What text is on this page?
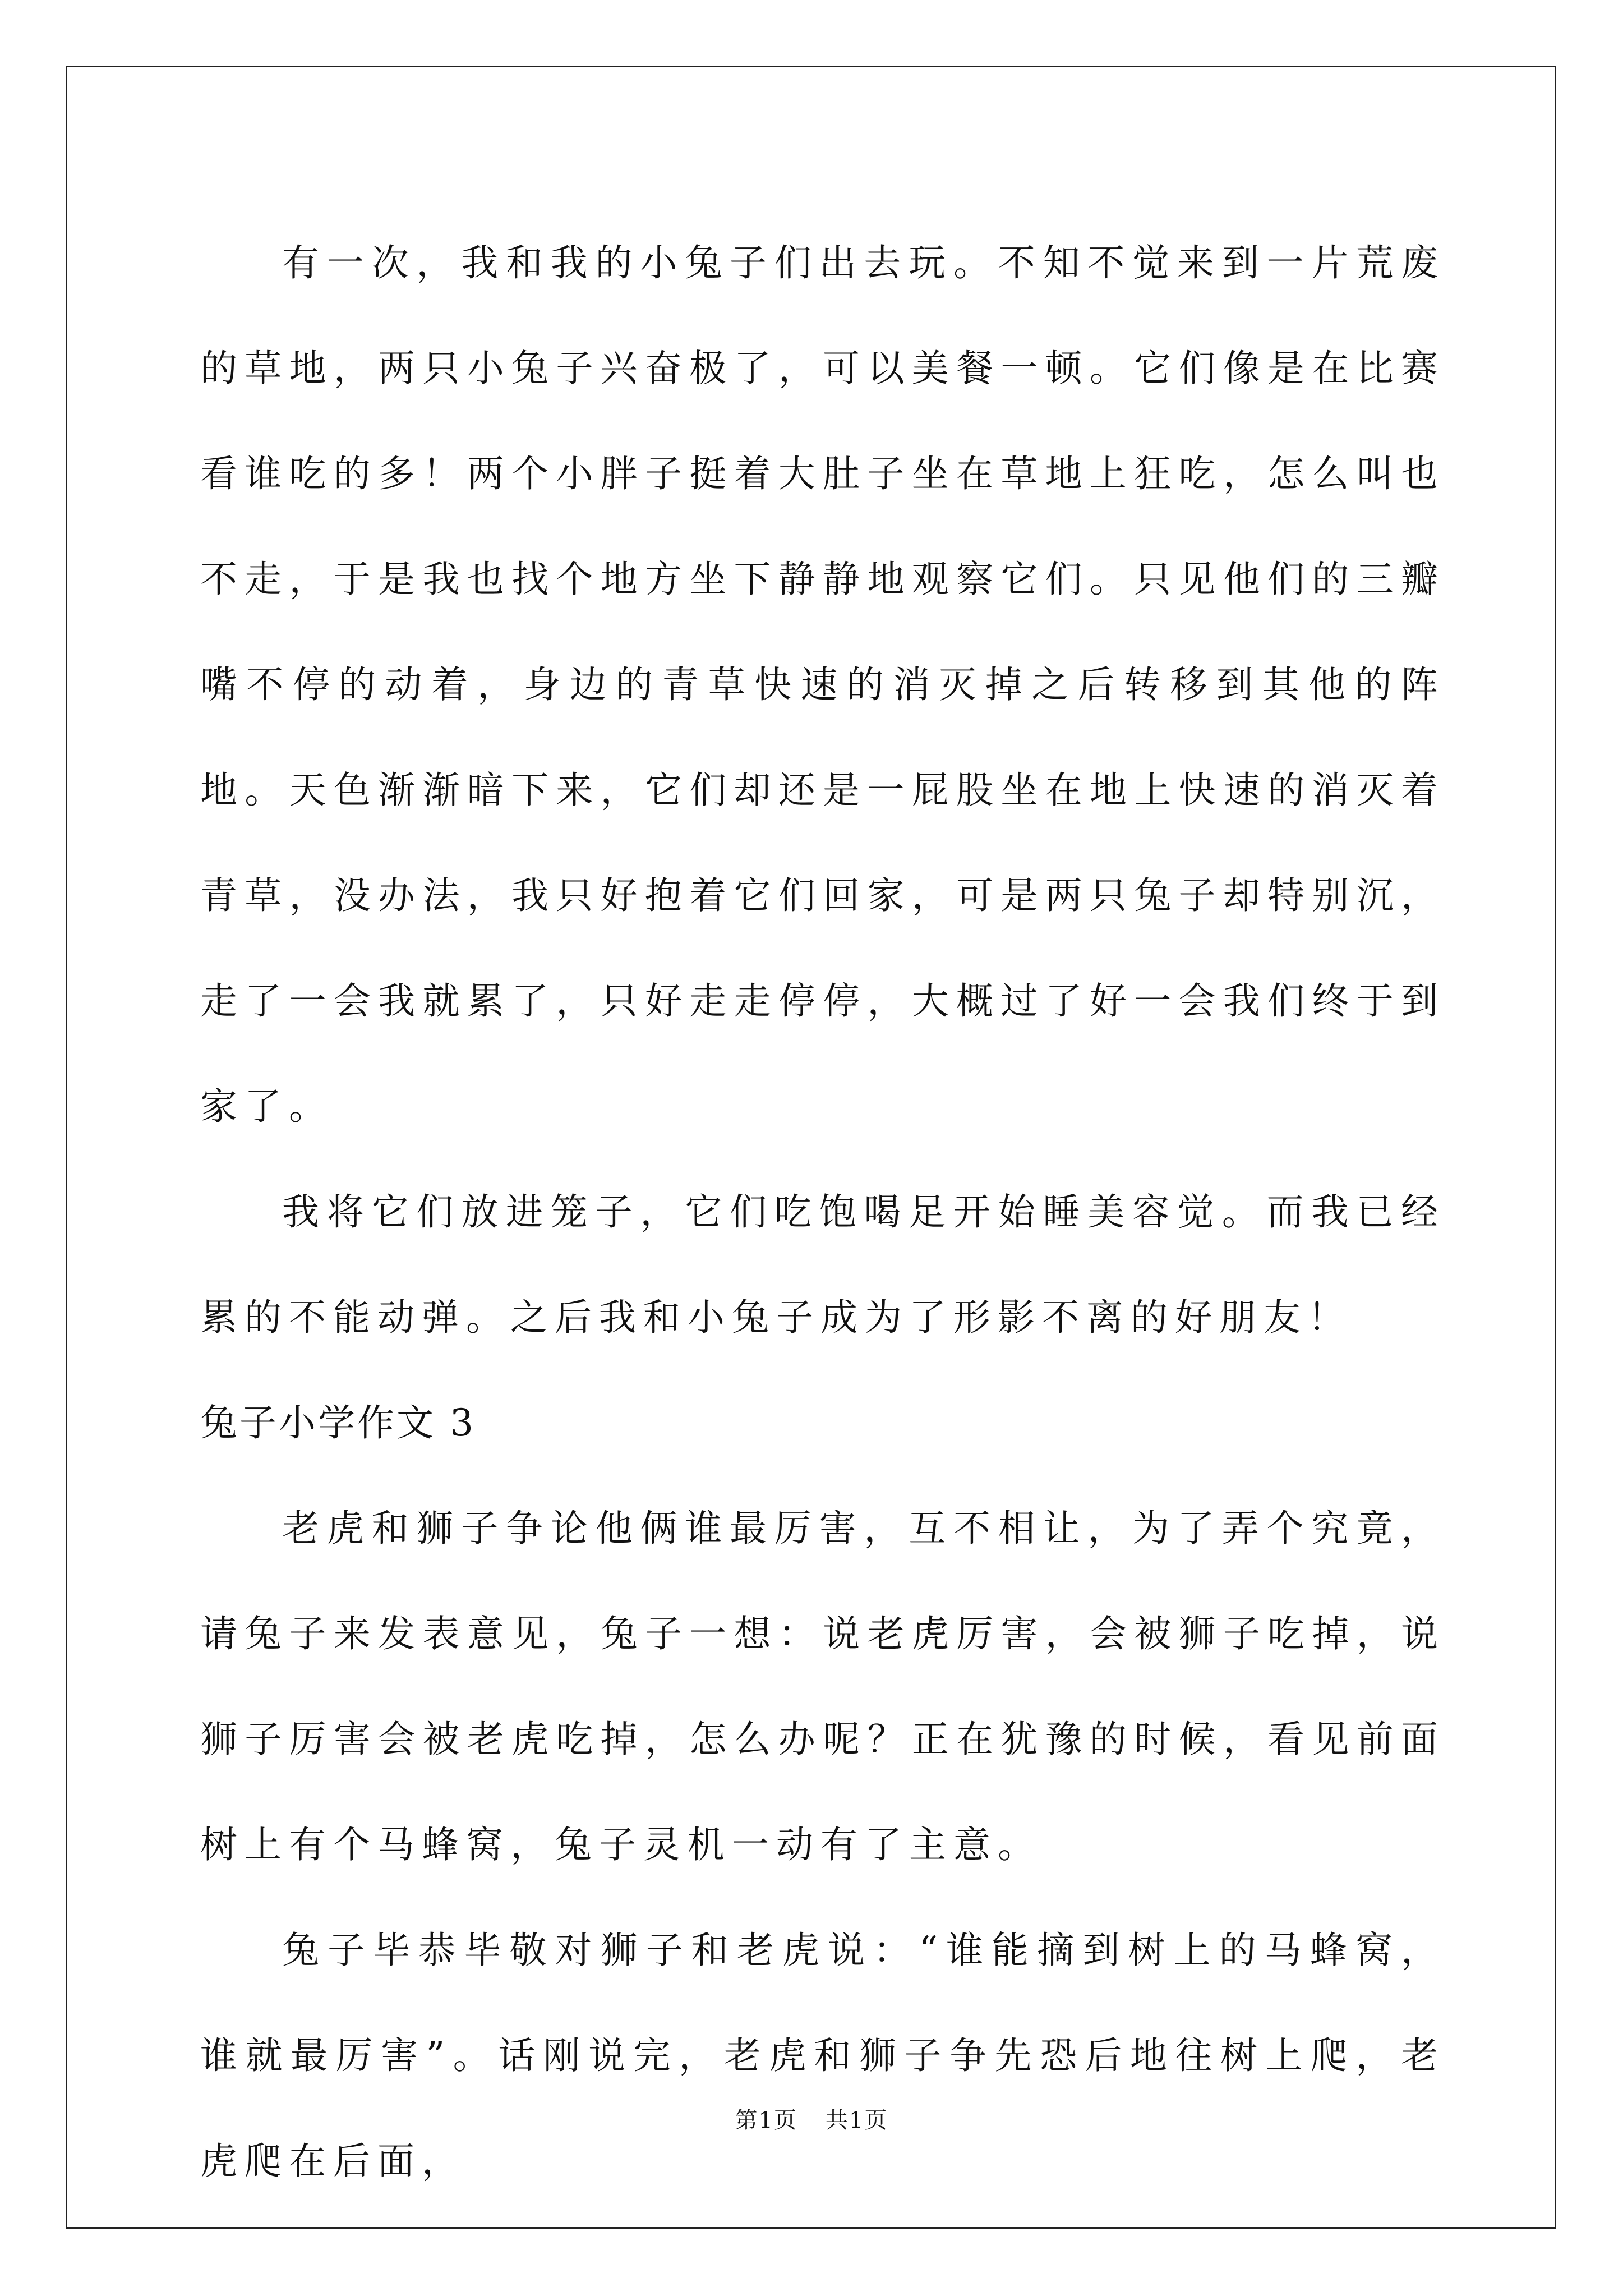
有一次，我和我的小兔子们出去玩。不知不觉来到一片荒废的草地，两只小兔子兴奋极了，可以美餐一顿。它们像是在比赛看谁吃的多！两个小胖子挺着大肚子坐在草地上狂吃，怎么叫也不走，于是我也找个地方坐下静静地观察它们。只见他们的三瓣嘴不停的动着，身边的青草快速的消灭掉之后转移到其他的阵地。天色渐渐暗下来，它们却还是一屁股坐在地上快速的消灭着青草，没办法，我只好抱着它们回家，可是两只兔子却特别沉，走了一会我就累了，只好走走停停，大概过了好一会我们终于到家了。

我将它们放进笼子，它们吃饱喝足开始睡美容觉。而我已经累的不能动弹。之后我和小兔子成为了形影不离的好朋友！

兔子小学作文 3

老虎和狮子争论他俩谁最厉害，互不相让，为了弄个究竟，请兔子来发表意见，兔子一想：说老虎厉害，会被狮子吃掉，说狮子厉害会被老虎吃掉，怎么办呢？正在犹豫的时候，看见前面树上有个马蜂窝，兔子灵机一动有了主意。

兔子毕恭毕敬对狮子和老虎说：“谁能摘到树上的马蜂窝，谁就最厉害”。话刚说完，老虎和狮子争先恐后地往树上爬，老虎爬在后面，

第1页 共1页
